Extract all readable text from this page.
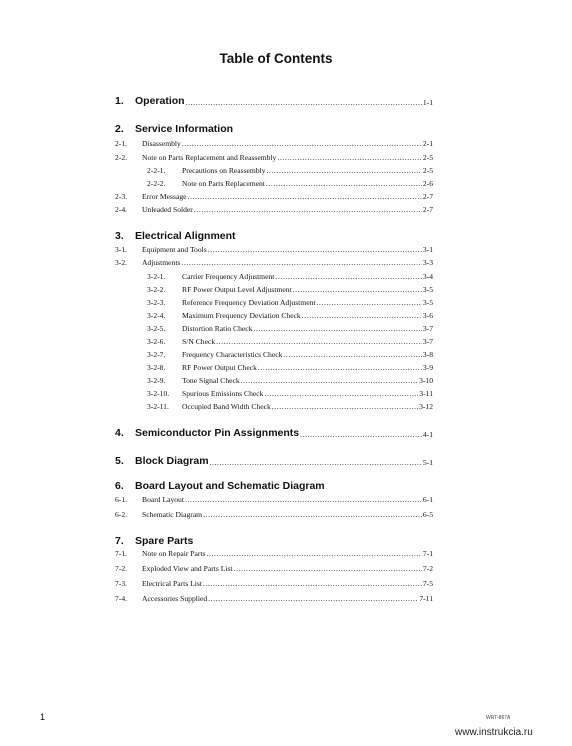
Table of Contents
1.	Operation .....	1-1
2.	Service Information
2-1.	Disassembly .....	2-1
2-2.	Note on Parts Replacement and Reassembly .....	2-5
2-2-1.	Precautions on Reassembly .....	2-5
2-2-2.	Note on Parts Replacement .....	2-6
2-3.	Error Message .....	2-7
2-4.	Unleaded Solder .....	2-7
3.	Electrical Alignment
3-1.	Equipment and Tools .....	3-1
3-2.	Adjustments .....	3-3
3-2-1.	Carrier Frequency Adjustment .....	3-4
3-2-2.	RF Power Output Level Adjustment .....	3-5
3-2-3.	Reference Frequency Deviation Adjustment .....	3-5
3-2-4.	Maximum Frequency Deviation Check .....	3-6
3-2-5.	Distortion Ratio Check .....	3-7
3-2-6.	S/N Check .....	3-7
3-2-7.	Frequency Characteristics Check .....	3-8
3-2-8.	RF Power Output Check .....	3-9
3-2-9.	Tone Signal Check .....	3-10
3-2-10.	Spurious Emissions Check .....	3-11
3-2-11.	Occupied Band Width Check .....	3-12
4.	Semiconductor Pin Assignments .....	4-1
5.	Block Diagram .....	5-1
6.	Board Layout and Schematic Diagram
6-1.	Board Layout .....	6-1
6-2.	Schematic Diagram .....	6-5
7.	Spare Parts
7-1.	Note on Repair Parts .....	7-1
7-2.	Exploded View and Parts List .....	7-2
7-3.	Electrical Parts List .....	7-5
7-4.	Accessories Supplied .....	7-11
1	WRT-867A
www.instrukcia.ru
